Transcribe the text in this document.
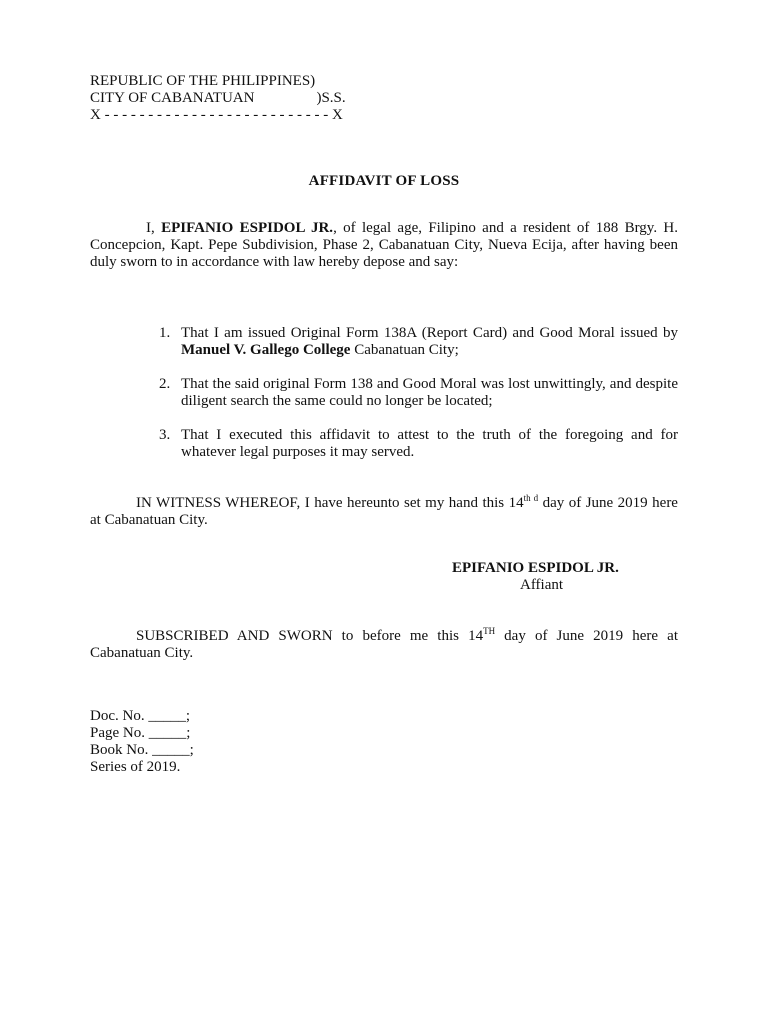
REPUBLIC OF THE PHILIPPINES)
CITY OF CABANATUAN	)S.S.
X - - - - - - - - - - - - - - - - - - - - - - - - - - X
AFFIDAVIT OF LOSS
I, EPIFANIO ESPIDOL JR., of legal age, Filipino and a resident of 188 Brgy. H. Concepcion, Kapt. Pepe Subdivision, Phase 2, Cabanatuan City, Nueva Ecija, after having been duly sworn to in accordance with law hereby depose and say:
1. That I am issued Original Form 138A (Report Card) and Good Moral issued by Manuel V. Gallego College Cabanatuan City;
2. That the said original Form 138 and Good Moral was lost unwittingly, and despite diligent search the same could no longer be located;
3. That I executed this affidavit to attest to the truth of the foregoing and for whatever legal purposes it may served.
IN WITNESS WHEREOF, I have hereunto set my hand this $14^{th d}$ day of June 2019 here at Cabanatuan City.
EPIFANIO ESPIDOL JR.
Affiant
SUBSCRIBED AND SWORN to before me this 14TH day of June 2019 here at Cabanatuan City.
Doc. No. _____;
Page No. _____;
Book No. _____;
Series of 2019.
